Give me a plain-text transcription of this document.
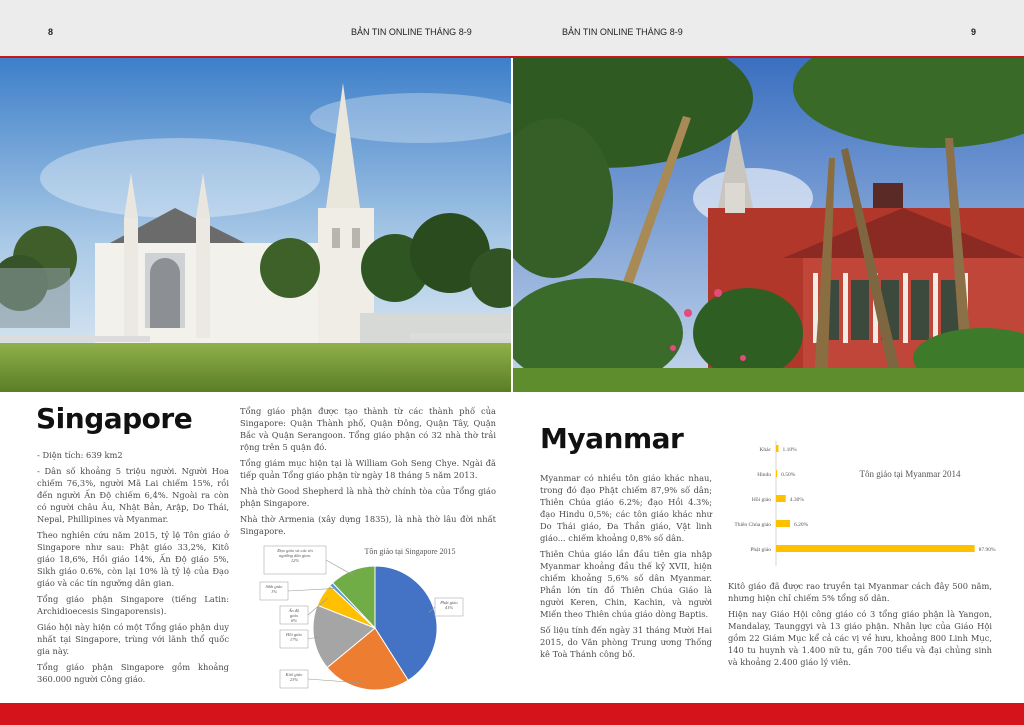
8	BẢN TIN ONLINE THÁNG 8-9	BẢN TIN ONLINE THÁNG 8-9	9
Singapore

- Diện tích: 639 km2

- Dân số khoảng 5 triệu người. Người Hoa chiếm 76,3%, người Mã Lai chiếm 15%, rồi đến người Ấn Độ chiếm 6,4%. Ngoài ra còn có người châu Âu, Nhật Bản, Arập, Do Thái, Nepal, Phillipines và Myanmar.

Theo nghiên cứu năm 2015, tỷ lệ Tôn giáo ở Singapore như sau: Phật giáo 33,2%, Kitô giáo 18,6%, Hồi giáo 14%, Ấn Độ giáo 5%, Sikh giáo 0.6%, còn lại 10% là tỷ lệ của Đạo giáo và các tín ngưỡng dân gian.

Tổng giáo phận Singapore (tiếng Latin: Archidioecesis Singaporensis).

Giáo hội này hiện có một Tổng giáo phận duy nhất tại Singapore, trùng với lãnh thổ quốc gia này.

Tổng giáo phận Singapore gồm khoảng 360.000 người Công giáo.

Tổng giáo phận được tạo thành từ các thành phố của Singapore: Quận Thành phố, Quận Đông, Quận Tây, Quận Bắc và Quận Serangoon. Tổng giáo phận có 32 nhà thờ trải rộng trên 5 quận đó.

Tổng giám mục hiện tại là William Goh Seng Chye. Ngài đã tiếp quản Tổng giáo phận từ ngày 18 tháng 5 năm 2013.

Nhà thờ Good Shepherd là nhà thờ chính tòa của Tổng giáo phận Singapore.

Nhà thờ Armenia (xây dựng 1835), là nhà thờ lâu đời nhất Singapore.

Tôn giáo tại Singapore 2015
Phật giáo 41%
Kitô giáo 23%
Hồi giáo 17%
Ấn độ giáo 6%
Sikh giáo 1%
Đạo giáo và các tín ngưỡng dân gian. 12%
Myanmar

Myanmar có nhiều tôn giáo khác nhau, trong đó đạo Phật chiếm 87,9% số dân; Thiên Chúa giáo 6.2%; đạo Hồi 4.3%; đạo Hindu 0,5%; các tôn giáo khác như Do Thái giáo, Đa Thần giáo, Vật linh giáo... chiếm khoảng 0,8% số dân.

Thiên Chúa giáo lần đầu tiên gia nhập Myanmar khoảng đầu thế kỷ XVII, hiện chiếm khoảng 5,6% số dân Myanmar. Phần lớn tín đồ Thiên Chúa Giáo là người Keren, Chin, Kachin, và người Miến theo Thiên chúa giáo dòng Baptis.

Số liệu tính đến ngày 31 tháng Mười Hai 2015, do Văn phòng Trung ương Thống kê Toà Thánh công bố.

Tôn giáo tại Myanmar 2014
Khác 1.10%
Hindu 0.50%
Hồi giáo	4.30%
Thiên Chúa giáo	6.20%
Phật giáo	87.90%

Kitô giáo đã được rao truyền tại Myanmar cách đây 500 năm, nhưng hiện chỉ chiếm 5% tổng số dân.

Hiện nay Giáo Hội công giáo có 3 tổng giáo phận là Yangon, Mandalay, Taunggyi và 13 giáo phận. Nhân lực của Giáo Hội gồm 22 Giám Mục kể cả các vị về hưu, khoảng 800 Linh Mục, 140 tu huynh và 1.400 nữ tu, gần 700 tiểu và đại chủng sinh và khoảng 2.400 giáo lý viên.
